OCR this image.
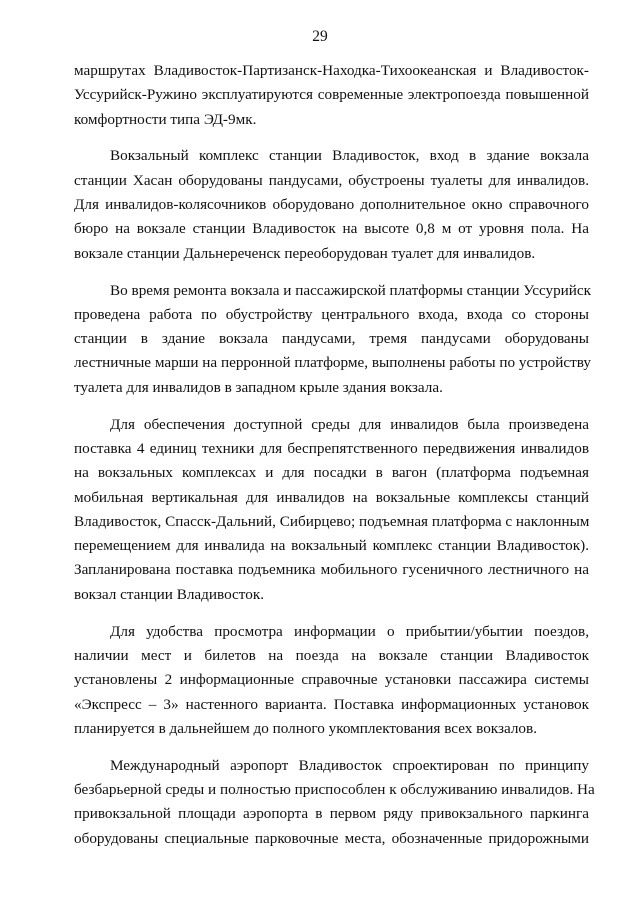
29
маршрутах Владивосток-Партизанск-Находка-Тихоокеанская и Владивосток-
Уссурийск-Ружино эксплуатируются современные электропоезда повышенной
комфортности типа ЭД-9мк.
Вокзальный комплекс станции Владивосток, вход в здание вокзала
станции Хасан оборудованы пандусами, обустроены туалеты для инвалидов.
Для инвалидов-колясочников оборудовано дополнительное окно справочного
бюро на вокзале станции Владивосток на высоте 0,8 м от уровня пола. На
вокзале станции Дальнереченск переоборудован туалет для инвалидов.
Во время ремонта вокзала и пассажирской платформы станции Уссурийск
проведена работа по обустройству центрального входа, входа со стороны
станции в здание вокзала пандусами, тремя пандусами оборудованы
лестничные марши на перронной платформе, выполнены работы по устройству
туалета для инвалидов в западном крыле здания вокзала.
Для обеспечения доступной среды для инвалидов была произведена
поставка 4 единиц техники для беспрепятственного передвижения инвалидов
на вокзальных комплексах и для посадки в вагон (платформа подъемная
мобильная вертикальная для инвалидов на вокзальные комплексы станций
Владивосток, Спасск-Дальний, Сибирцево; подъемная платформа с наклонным
перемещением для инвалида на вокзальный комплекс станции Владивосток).
Запланирована поставка подъемника мобильного гусеничного лестничного на
вокзал станции Владивосток.
Для удобства просмотра информации о прибытии/убытии поездов,
наличии мест и билетов на поезда на вокзале станции Владивосток
установлены 2 информационные справочные установки пассажира системы
«Экспресс – 3» настенного варианта. Поставка информационных установок
планируется в дальнейшем до полного укомплектования всех вокзалов.
Международный аэропорт Владивосток спроектирован по принципу
безбарьерной среды и полностью приспособлен к обслуживанию инвалидов. На
привокзальной площади аэропорта в первом ряду привокзального паркинга
оборудованы специальные парковочные места, обозначенные придорожными
